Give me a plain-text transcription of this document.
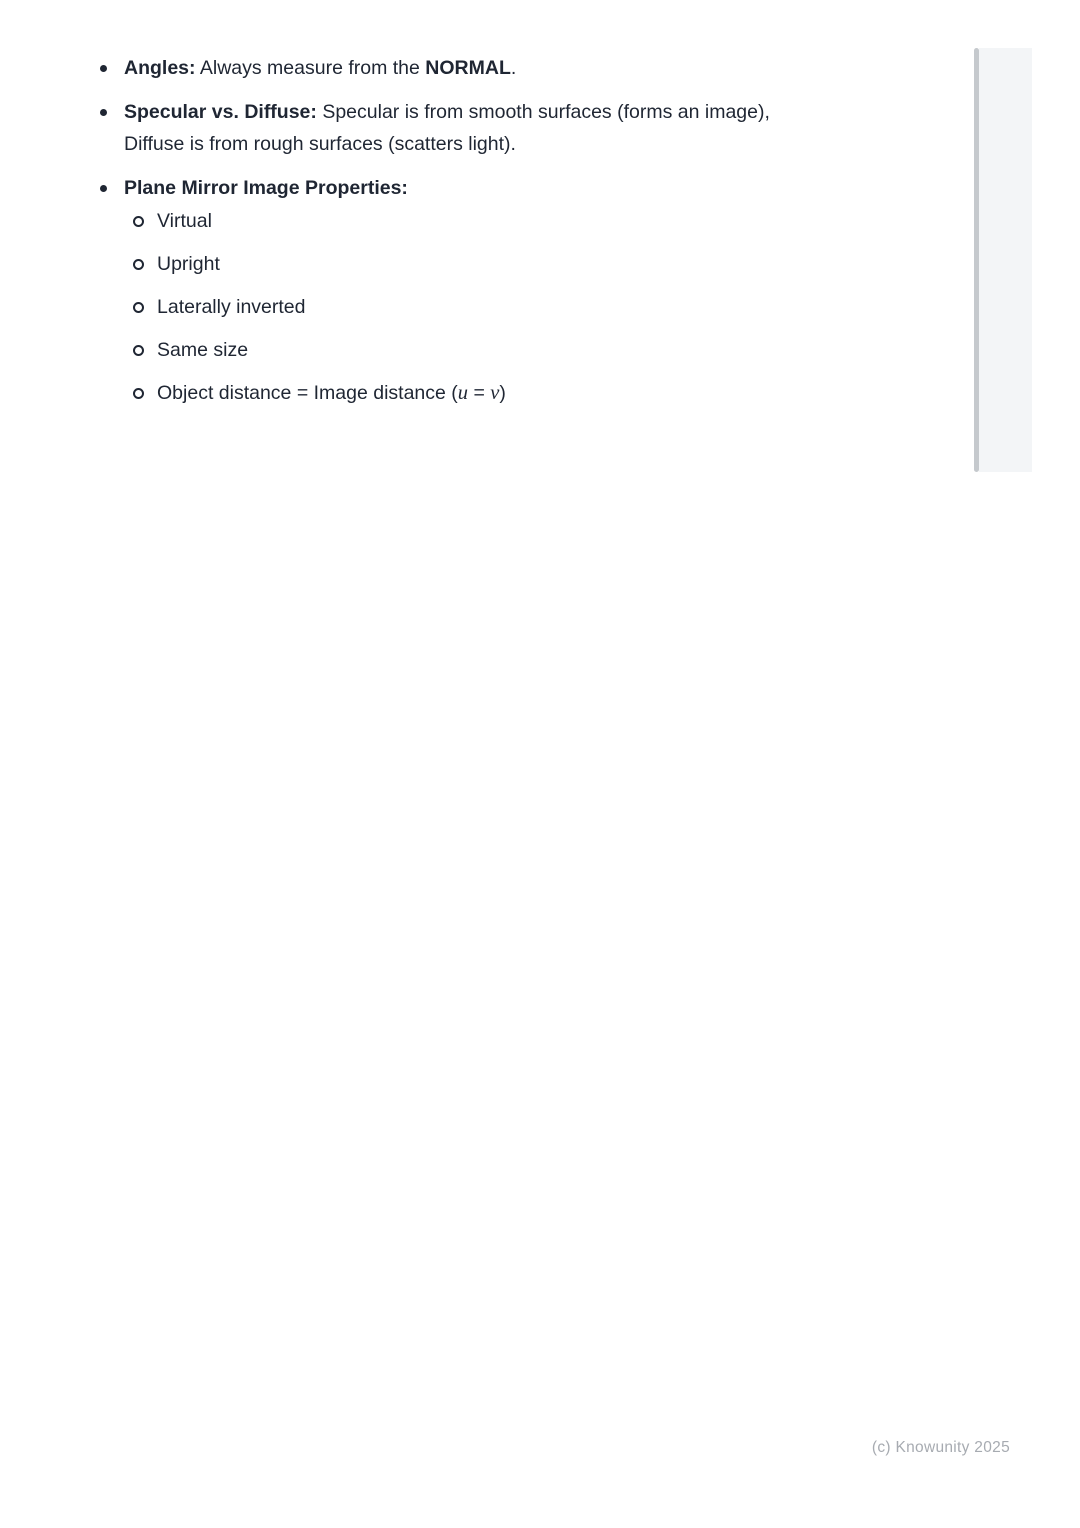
Angles: Always measure from the NORMAL.
Specular vs. Diffuse: Specular is from smooth surfaces (forms an image), Diffuse is from rough surfaces (scatters light).
Plane Mirror Image Properties:
Virtual
Upright
Laterally inverted
Same size
Object distance = Image distance (u = v)
(c) Knowunity 2025
